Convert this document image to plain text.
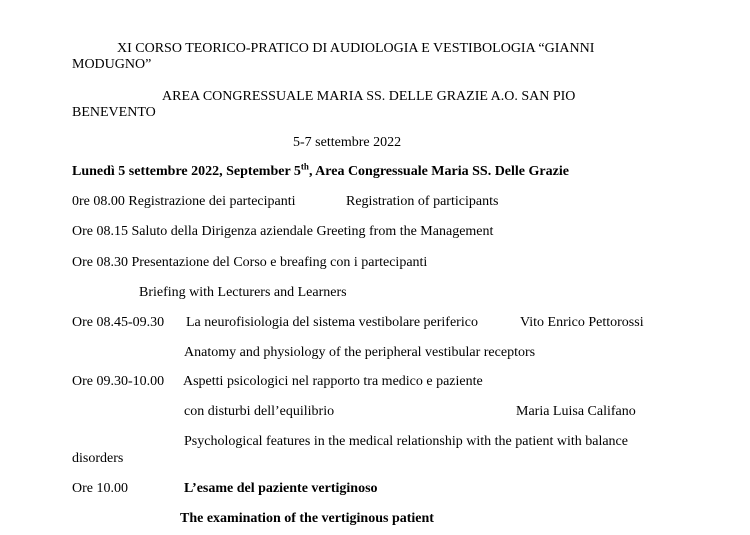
XI CORSO TEORICO-PRATICO DI AUDIOLOGIA E VESTIBOLOGIA “GIANNI
MODUGNO”
AREA CONGRESSUALE MARIA SS. DELLE GRAZIE A.O. SAN PIO
BENEVENTO
5-7 settembre 2022
Lunedì 5 settembre 2022, September 5th, Area Congressuale Maria SS. Delle Grazie
0re 08.00 Registrazione dei partecipanti	Registration of participants
Ore 08.15 Saluto della Dirigenza aziendale Greeting from the Management
Ore 08.30 Presentazione del Corso e breafing con i partecipanti
Briefing with Lecturers and Learners
Ore 08.45-09.30 La neurofisiologia del sistema vestibolare periferico	Vito Enrico Pettorossi
Anatomy and physiology of the peripheral vestibular receptors
Ore 09.30-10.00 Aspetti psicologici nel rapporto tra medico e paziente
con disturbi dell’equilibrio	Maria Luisa Califano
Psychological features in the medical relationship with the patient with balance
disorders
Ore 10.00	L’esame del paziente vertiginoso
The examination of the vertiginous patient
